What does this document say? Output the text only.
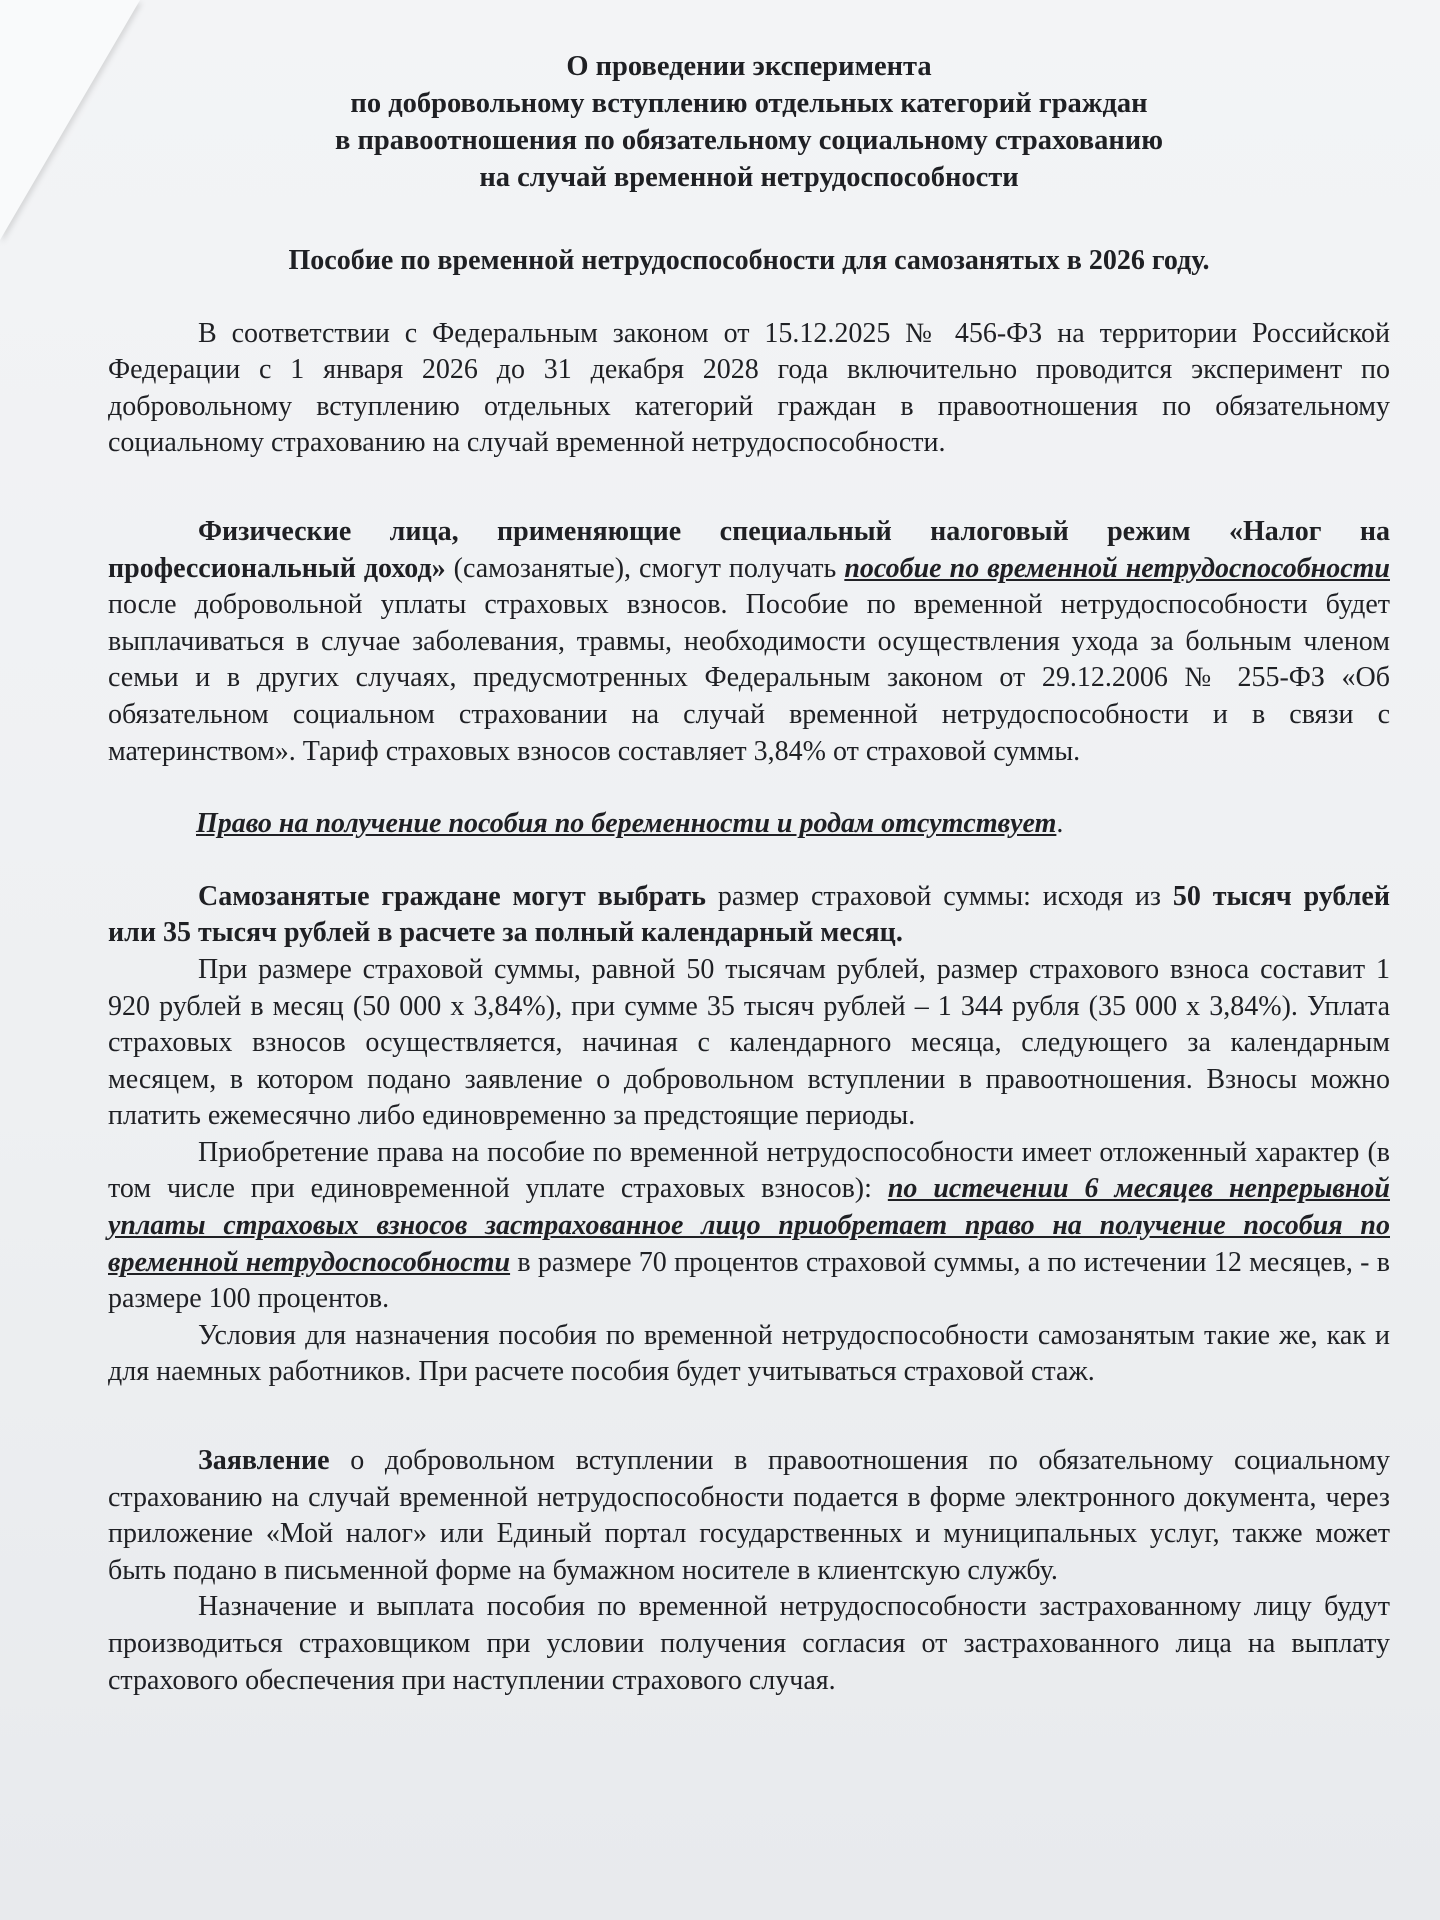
О проведении эксперимента
по добровольному вступлению отдельных категорий граждан
в правоотношения по обязательному социальному страхованию
на случай временной нетрудоспособности
Пособие по временной нетрудоспособности для самозанятых в 2026 году.

В соответствии с Федеральным законом от 15.12.2025 № 456-ФЗ на территории Российской Федерации с 1 января 2026 до 31 декабря 2028 года включительно проводится эксперимент по добровольному вступлению отдельных категорий граждан в правоотношения по обязательному социальному страхованию на случай временной нетрудоспособности.

Физические лица, применяющие специальный налоговый режим «Налог на профессиональный доход» (самозанятые), смогут получать пособие по временной нетрудоспособности после добровольной уплаты страховых взносов. Пособие по временной нетрудоспособности будет выплачиваться в случае заболевания, травмы, необходимости осуществления ухода за больным членом семьи и в других случаях, предусмотренных Федеральным законом от 29.12.2006 № 255-ФЗ «Об обязательном социальном страховании на случай временной нетрудоспособности и в связи с материнством». Тариф страховых взносов составляет 3,84% от страховой суммы.

Право на получение пособия по беременности и родам отсутствует.

Самозанятые граждане могут выбрать размер страховой суммы: исходя из 50 тысяч рублей или 35 тысяч рублей в расчете за полный календарный месяц.

При размере страховой суммы, равной 50 тысячам рублей, размер страхового взноса составит 1 920 рублей в месяц (50 000 х 3,84%), при сумме 35 тысяч рублей – 1 344 рубля (35 000 х 3,84%). Уплата страховых взносов осуществляется, начиная с календарного месяца, следующего за календарным месяцем, в котором подано заявление о добровольном вступлении в правоотношения. Взносы можно платить ежемесячно либо единовременно за предстоящие периоды.

Приобретение права на пособие по временной нетрудоспособности имеет отложенный характер (в том числе при единовременной уплате страховых взносов): по истечении 6 месяцев непрерывной уплаты страховых взносов застрахованное лицо приобретает право на получение пособия по временной нетрудоспособности в размере 70 процентов страховой суммы, а по истечении 12 месяцев, - в размере 100 процентов.

Условия для назначения пособия по временной нетрудоспособности самозанятым такие же, как и для наемных работников. При расчете пособия будет учитываться страховой стаж.

Заявление о добровольном вступлении в правоотношения по обязательному социальному страхованию на случай временной нетрудоспособности подается в форме электронного документа, через приложение «Мой налог» или Единый портал государственных и муниципальных услуг, также может быть подано в письменной форме на бумажном носителе в клиентскую службу.

Назначение и выплата пособия по временной нетрудоспособности застрахованному лицу будут производиться страховщиком при условии получения согласия от застрахованного лица на выплату страхового обеспечения при наступлении страхового случая.
